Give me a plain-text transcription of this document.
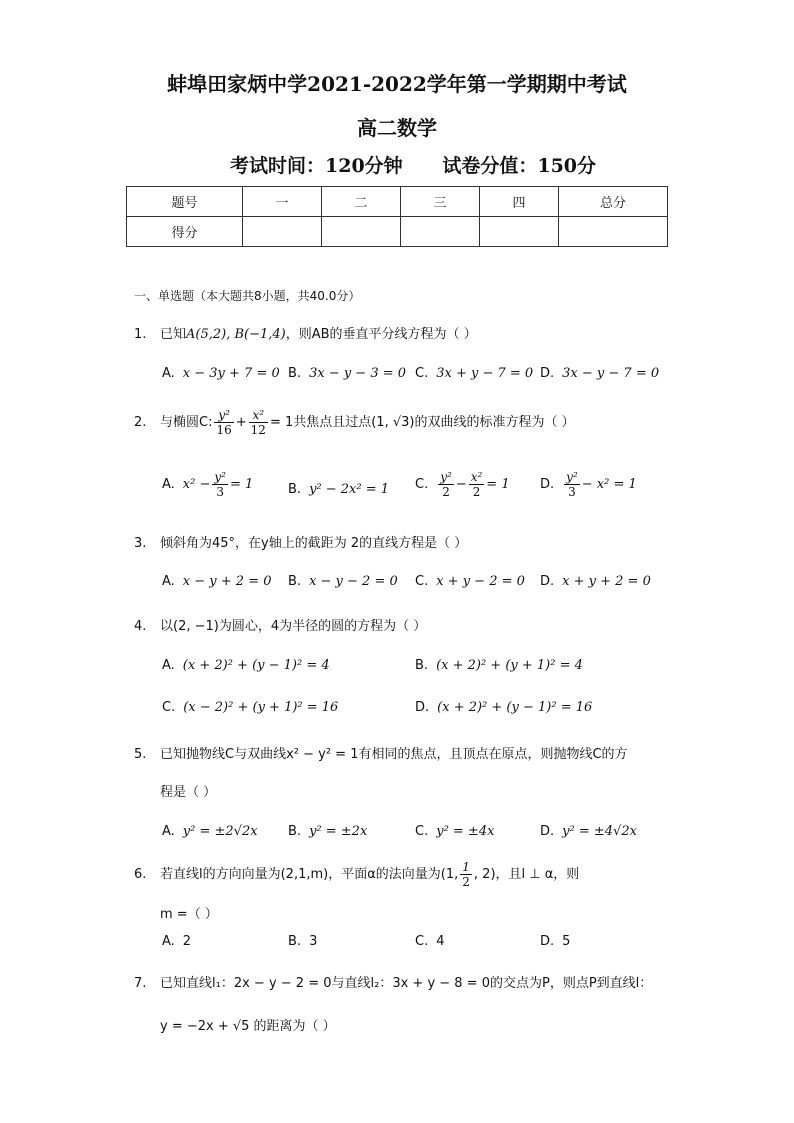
蚌埠田家炳中学2021-2022学年第一学期期中考试
高二数学
考试时间：120分钟      试卷分值：150分
题号	一	二	三	四	总分
得分					
一、单选题（本大题共8小题，共40.0分）
1. 已知A(5,2), B(−1,4)，则AB的垂直平分线方程为（ ）
A. x − 3y + 7 = 0 B. 3x − y − 3 = 0 C. 3x + y − 7 = 0 D. 3x − y − 7 = 0
2. 与椭圆C: $\frac{\text{y²}}{16} + \frac{\text{x²}}{12} = 1$共焦点且过点(1, √3)的双曲线的标准方程为（ ）
A. $x^2 - \frac{\text{y²}}{3} = 1$	B. y² − 2x² = 1 C. $\frac{\text{y²}}{2} - \frac{\text{x²}}{2} = 1$ D. $\frac{\text{y²}}{3} - x^2 = 1$
3. 倾斜角为45°，在y轴上的截距为 2的直线方程是（ ）
A. x − y + 2 = 0 B. x − y − 2 = 0 C. x + y − 2 = 0 D. x + y + 2 = 0
4. 以(2, −1)为圆心，4为半径的圆的方程为（ ）
A. (x + 2)² + (y − 1)² = 4	B. (x + 2)² + (y + 1)² = 4
C. (x − 2)² + (y + 1)² = 16	D. (x + 2)² + (y − 1)² = 16
5. 已知抛物线C与双曲线x² − y² = 1有相同的焦点，且顶点在原点，则抛物线C的方
程是（ ）
A. y² = ±2√2x B. y² = ±2x	C. y² = ±4x	D. y² = ±4√2x
6. 若直线l的方向向量为(2,1,m)，平面α的法向量为(1, $\frac{1}{2}$ , 2)，且l ⊥ α，则
m =（ ）
A. 2	B. 3	C. 4	D. 5
7. 已知直线l₁：2x − y − 2 = 0与直线l₂：3x + y − 8 = 0的交点为P，则点P到直线l：
y = −2x + √5 的距离为（ ）
